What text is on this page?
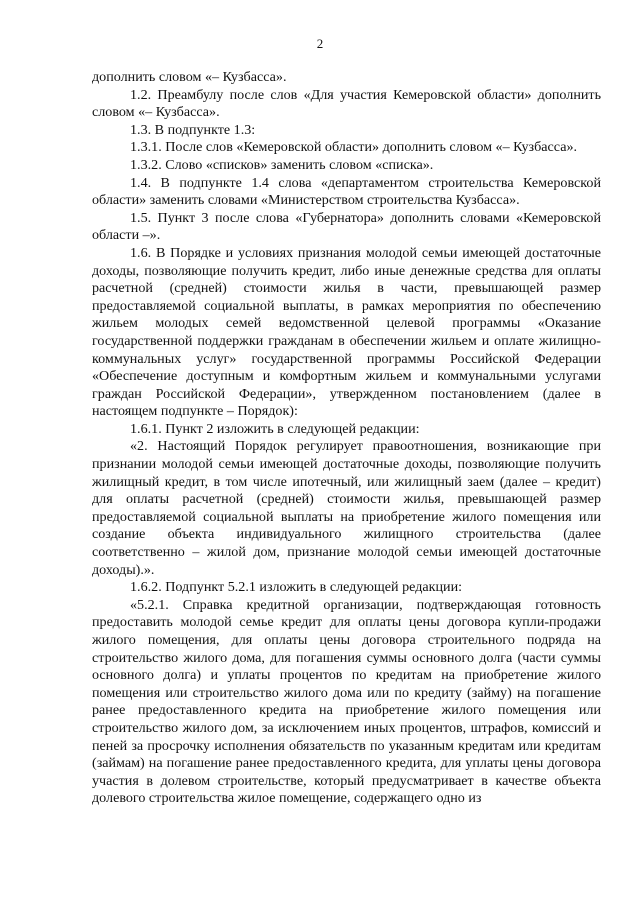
2

дополнить словом «– Кузбасса».

1.2. Преамбулу после слов «Для участия Кемеровской области» дополнить словом «– Кузбасса».

1.3. В подпункте 1.3:

1.3.1. После слов «Кемеровской области» дополнить словом «– Кузбасса».

1.3.2. Слово «списков» заменить словом «списка».

1.4. В подпункте 1.4 слова «департаментом строительства Кемеровской области» заменить словами «Министерством строительства Кузбасса».

1.5. Пункт 3 после слова «Губернатора» дополнить словами «Кемеровской области –».

1.6. В Порядке и условиях признания молодой семьи имеющей достаточные доходы, позволяющие получить кредит, либо иные денежные средства для оплаты расчетной (средней) стоимости жилья в части, превышающей размер предоставляемой социальной выплаты, в рамках мероприятия по обеспечению жильем молодых семей ведомственной целевой программы «Оказание государственной поддержки гражданам в обеспечении жильем и оплате жилищно-коммунальных услуг» государственной программы Российской Федерации «Обеспечение доступным и комфортным жильем и коммунальными услугами граждан Российской Федерации», утвержденном постановлением (далее в настоящем подпункте – Порядок):

1.6.1. Пункт 2 изложить в следующей редакции:

«2. Настоящий Порядок регулирует правоотношения, возникающие при признании молодой семьи имеющей достаточные доходы, позволяющие получить жилищный кредит, в том числе ипотечный, или жилищный заем (далее – кредит) для оплаты расчетной (средней) стоимости жилья, превышающей размер предоставляемой социальной выплаты на приобретение жилого помещения или создание объекта индивидуального жилищного строительства (далее соответственно – жилой дом, признание молодой семьи имеющей достаточные доходы).».

1.6.2. Подпункт 5.2.1 изложить в следующей редакции:

«5.2.1. Справка кредитной организации, подтверждающая готовность предоставить молодой семье кредит для оплаты цены договора купли-продажи жилого помещения, для оплаты цены договора строительного подряда на строительство жилого дома, для погашения суммы основного долга (части суммы основного долга) и уплаты процентов по кредитам на приобретение жилого помещения или строительство жилого дома или по кредиту (займу) на погашение ранее предоставленного кредита на приобретение жилого помещения или строительство жилого дом, за исключением иных процентов, штрафов, комиссий и пеней за просрочку исполнения обязательств по указанным кредитам или кредитам (займам) на погашение ранее предоставленного кредита, для уплаты цены договора участия в долевом строительстве, который предусматривает в качестве объекта долевого строительства жилое помещение, содержащего одно из
